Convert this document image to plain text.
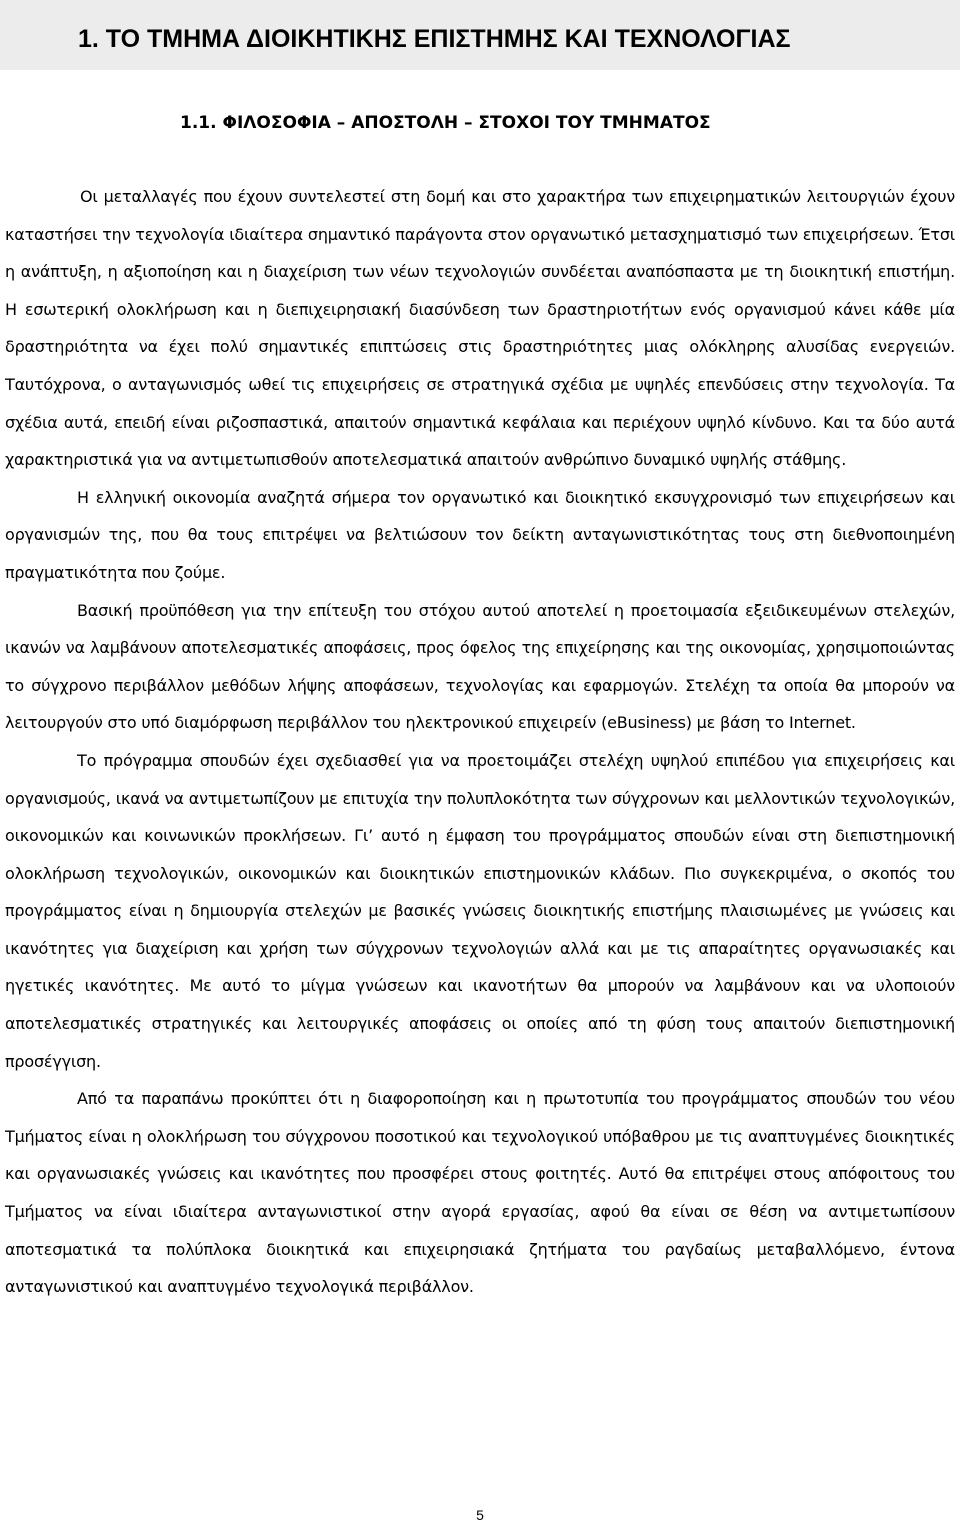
1. ΤΟ ΤΜΗΜΑ ΔΙΟΙΚΗΤΙΚΗΣ ΕΠΙΣΤΗΜΗΣ ΚΑΙ ΤΕΧΝΟΛΟΓΙΑΣ
1.1. ΦΙΛΟΣΟΦΙΑ – ΑΠΟΣΤΟΛΗ – ΣΤΟΧΟΙ ΤΟΥ ΤΜΗΜΑΤΟΣ

Οι μεταλλαγές που έχουν συντελεστεί στη δομή και στο χαρακτήρα των επιχειρηματικών λειτουργιών έχουν καταστήσει την τεχνολογία ιδιαίτερα σημαντικό παράγοντα στον οργανωτικό μετασχηματισμό των επιχειρήσεων. Έτσι η ανάπτυξη, η αξιοποίηση και η διαχείριση των νέων τεχνολογιών συνδέεται αναπόσπαστα με τη διοικητική επιστήμη. Η εσωτερική ολοκλήρωση και η διεπιχειρησιακή διασύνδεση των δραστηριοτήτων ενός οργανισμού κάνει κάθε μία δραστηριότητα να έχει πολύ σημαντικές επιπτώσεις στις δραστηριότητες μιας ολόκληρης αλυσίδας ενεργειών. Ταυτόχρονα, ο ανταγωνισμός ωθεί τις επιχειρήσεις σε στρατηγικά σχέδια με υψηλές επενδύσεις στην τεχνολογία. Τα σχέδια αυτά, επειδή είναι ριζοσπαστικά, απαιτούν σημαντικά κεφάλαια και περιέχουν υψηλό κίνδυνο. Και τα δύο αυτά χαρακτηριστικά για να αντιμετωπισθούν αποτελεσματικά απαιτούν ανθρώπινο δυναμικό υψηλής στάθμης.

Η ελληνική οικονομία αναζητά σήμερα τον οργανωτικό και διοικητικό εκσυγχρονισμό των επιχειρήσεων και οργανισμών της, που θα τους επιτρέψει να βελτιώσουν τον δείκτη ανταγωνιστικότητας τους στη διεθνοποιημένη πραγματικότητα που ζούμε.

Βασική προϋπόθεση για την επίτευξη του στόχου αυτού αποτελεί η προετοιμασία εξειδικευμένων στελεχών, ικανών να λαμβάνουν αποτελεσματικές αποφάσεις, προς όφελος της επιχείρησης και της οικονομίας, χρησιμοποιώντας το σύγχρονο περιβάλλον μεθόδων λήψης αποφάσεων, τεχνολογίας και εφαρμογών. Στελέχη τα οποία θα μπορούν να λειτουργούν στο υπό διαμόρφωση περιβάλλον του ηλεκτρονικού επιχειρείν (eBusiness) με βάση το Internet.

Το πρόγραμμα σπουδών έχει σχεδιασθεί για να προετοιμάζει στελέχη υψηλού επιπέδου για επιχειρήσεις και οργανισμούς, ικανά να αντιμετωπίζουν με επιτυχία την πολυπλοκότητα των σύγχρονων και μελλοντικών τεχνολογικών, οικονομικών και κοινωνικών προκλήσεων. Γι’ αυτό η έμφαση του προγράμματος σπουδών είναι στη διεπιστημονική ολοκλήρωση τεχνολογικών, οικονομικών και διοικητικών επιστημονικών κλάδων. Πιο συγκεκριμένα, ο σκοπός του προγράμματος είναι η δημιουργία στελεχών με βασικές γνώσεις διοικητικής επιστήμης πλαισιωμένες με γνώσεις και ικανότητες για διαχείριση και χρήση των σύγχρονων τεχνολογιών αλλά και με τις απαραίτητες οργανωσιακές και ηγετικές ικανότητες. Με αυτό το μίγμα γνώσεων και ικανοτήτων θα μπορούν να λαμβάνουν και να υλοποιούν αποτελεσματικές στρατηγικές και λειτουργικές αποφάσεις οι οποίες από τη φύση τους απαιτούν διεπιστημονική προσέγγιση.

Από τα παραπάνω προκύπτει ότι η διαφοροποίηση και η πρωτοτυπία του προγράμματος σπουδών του νέου Τμήματος είναι η ολοκλήρωση του σύγχρονου ποσοτικού και τεχνολογικού υπόβαθρου με τις αναπτυγμένες διοικητικές και οργανωσιακές γνώσεις και ικανότητες που προσφέρει στους φοιτητές. Αυτό θα επιτρέψει στους απόφοιτους του Τμήματος να είναι ιδιαίτερα ανταγωνιστικοί στην αγορά εργασίας, αφού θα είναι σε θέση να αντιμετωπίσουν αποτεσματικά τα πολύπλοκα διοικητικά και επιχειρησιακά ζητήματα του ραγδαίως μεταβαλλόμενο, έντονα ανταγωνιστικού και αναπτυγμένο τεχνολογικά περιβάλλον.

5
